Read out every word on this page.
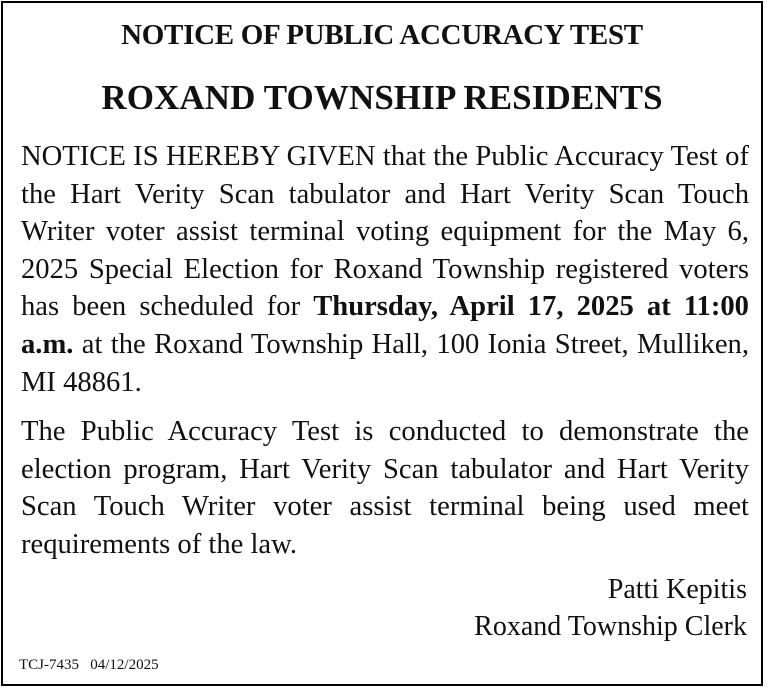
NOTICE OF PUBLIC ACCURACY TEST
ROXAND TOWNSHIP RESIDENTS

NOTICE IS HEREBY GIVEN that the Public Accuracy Test of the Hart Verity Scan tabulator and Hart Verity Scan Touch Writer voter assist terminal voting equipment for the May 6, 2025 Special Election for Roxand Township registered voters has been scheduled for Thursday, April 17, 2025 at 11:00 a.m. at the Roxand Township Hall, 100 Ionia Street, Mulliken, MI 48861.

The Public Accuracy Test is conducted to demonstrate the election program, Hart Verity Scan tabulator and Hart Verity Scan Touch Writer voter assist terminal being used meet requirements of the law.

Patti Kepitis
Roxand Township Clerk
TCJ-7435 04/12/2025
